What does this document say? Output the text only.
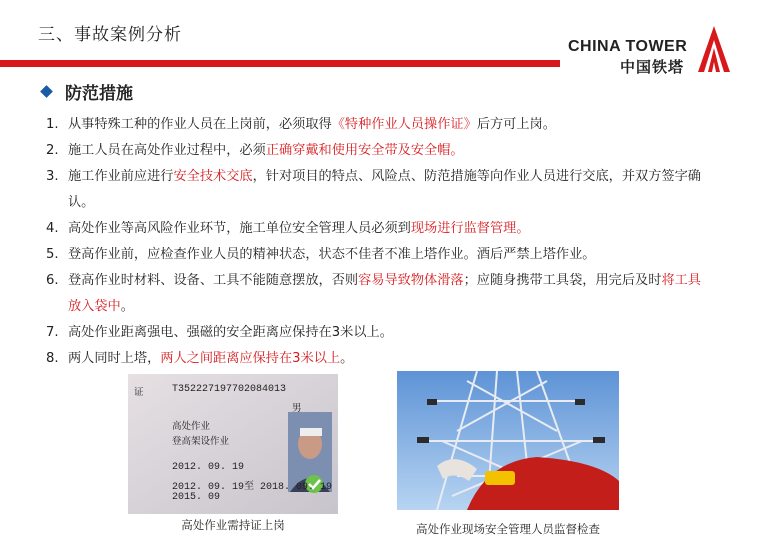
三、事故案例分析
CHINA TOWER
中国铁塔
防范措施
1. 从事特殊工种的作业人员在上岗前，必须取得《特种作业人员操作证》后方可上岗。
2. 施工人员在高处作业过程中，必须正确穿戴和使用安全带及安全帽。
3. 施工作业前应进行安全技术交底，针对项目的特点、风险点、防范措施等向作业人员进行交底，并双方签字确认。
4. 高处作业等高风险作业环节，施工单位安全管理人员必须到现场进行监督管理。
5. 登高作业前，应检查作业人员的精神状态，状态不佳者不准上塔作业。酒后严禁上塔作业。
6. 登高作业时材料、设备、工具不能随意摆放，否则容易导致物体滑落；应随身携带工具袋，用完后及时将工具放入袋中。
7. 高处作业距离强电、强磁的安全距离应保持在3米以上。
8. 两人同时上塔，两人之间距离应保持在3米以上。
证	T352227197702084013
男
高处作业
登高架设作业
2012. 09. 19
2012. 09. 19至 2018. 09. 19
2015. 09
高处作业需持证上岗	高处作业现场安全管理人员监督检查
